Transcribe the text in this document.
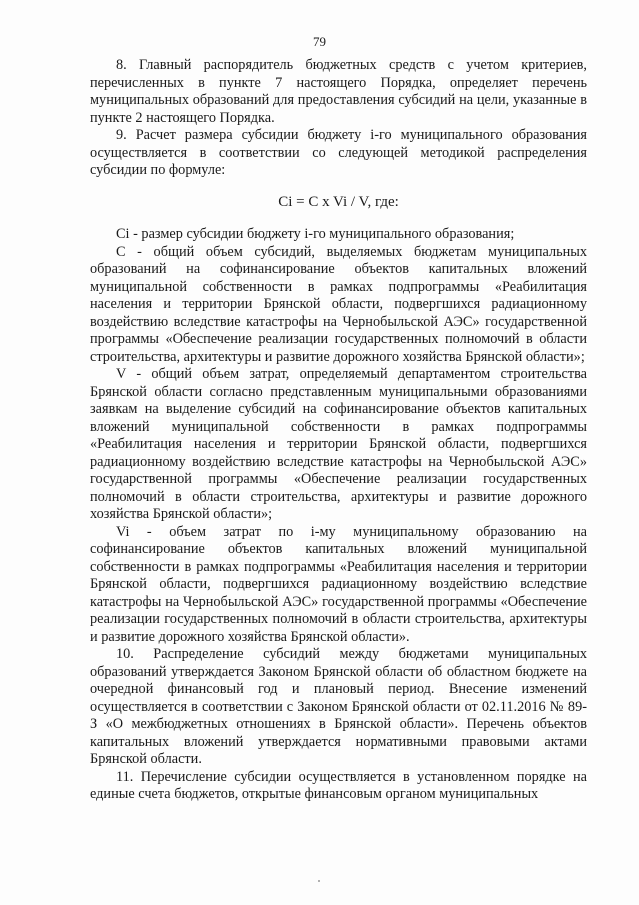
79

8. Главный распорядитель бюджетных средств с учетом критериев, перечисленных в пункте 7 настоящего Порядка, определяет перечень муниципальных образований для предоставления субсидий на цели, указанные в пункте 2 настоящего Порядка.

9. Расчет размера субсидии бюджету i-го муниципального образования осуществляется в соответствии со следующей методикой распределения субсидии по формуле:

Ci = C x Vi / V, где:

Ci - размер субсидии бюджету i-го муниципального образования;

С - общий объем субсидий, выделяемых бюджетам муниципальных образований на софинансирование объектов капитальных вложений муниципальной собственности в рамках подпрограммы «Реабилитация населения и территории Брянской области, подвергшихся радиационному воздействию вследствие катастрофы на Чернобыльской АЭС» государственной программы «Обеспечение реализации государственных полномочий в области строительства, архитектуры и развитие дорожного хозяйства Брянской области»;

V - общий объем затрат, определяемый департаментом строительства Брянской области согласно представленным муниципальными образованиями заявкам на выделение субсидий на софинансирование объектов капитальных вложений муниципальной собственности в рамках подпрограммы «Реабилитация населения и территории Брянской области, подвергшихся радиационному воздействию вследствие катастрофы на Чернобыльской АЭС» государственной программы «Обеспечение реализации государственных полномочий в области строительства, архитектуры и развитие дорожного хозяйства Брянской области»;

Vi - объем затрат по i-му муниципальному образованию на софинансирование объектов капитальных вложений муниципальной собственности в рамках подпрограммы «Реабилитация населения и территории Брянской области, подвергшихся радиационному воздействию вследствие катастрофы на Чернобыльской АЭС» государственной программы «Обеспечение реализации государственных полномочий в области строительства, архитектуры и развитие дорожного хозяйства Брянской области».

10. Распределение субсидий между бюджетами муниципальных образований утверждается Законом Брянской области об областном бюджете на очередной финансовый год и плановый период. Внесение изменений осуществляется в соответствии с Законом Брянской области от 02.11.2016 № 89-З «О межбюджетных отношениях в Брянской области». Перечень объектов капитальных вложений утверждается нормативными правовыми актами Брянской области.

11. Перечисление субсидии осуществляется в установленном порядке на единые счета бюджетов, открытые финансовым органом муниципальных
